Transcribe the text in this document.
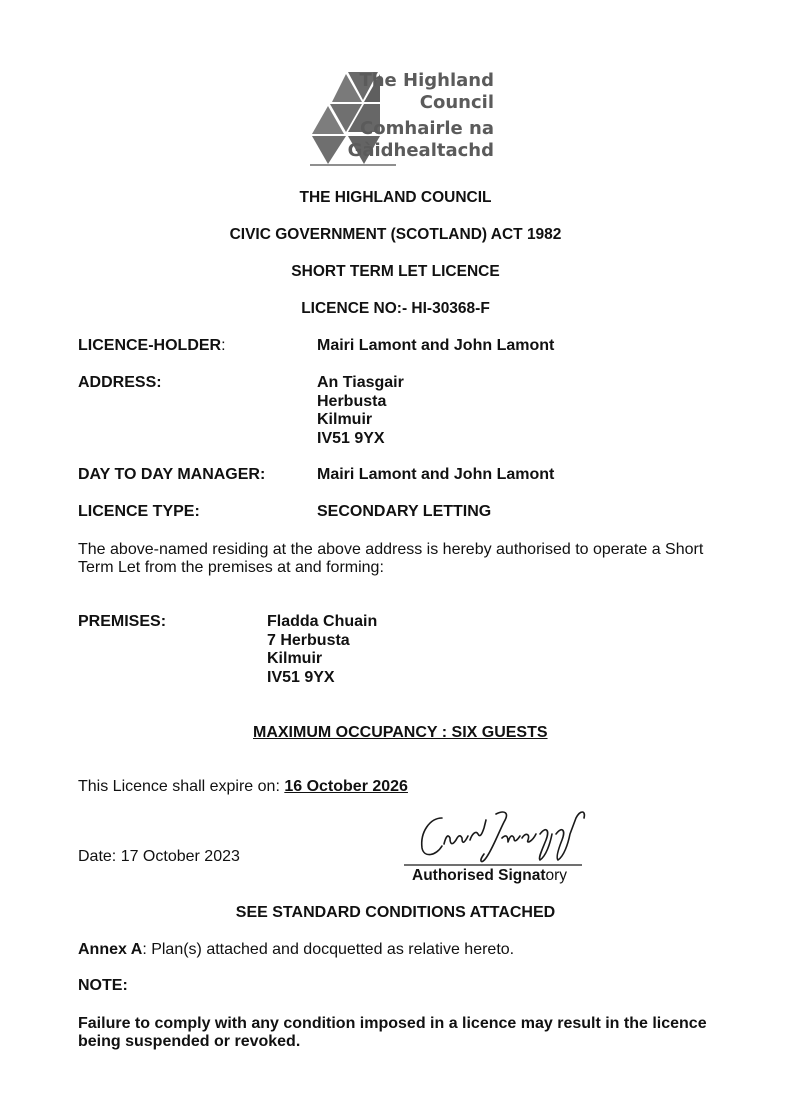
The Highland
Council
Comhairle na
Gàidhealtachd
THE HIGHLAND COUNCIL
CIVIC GOVERNMENT (SCOTLAND) ACT 1982
SHORT TERM LET LICENCE
LICENCE NO:- HI-30368-F
LICENCE-HOLDER:	Mairi Lamont and John Lamont
ADDRESS:	An Tiasgair
Herbusta
Kilmuir
IV51 9YX
DAY TO DAY MANAGER:	Mairi Lamont and John Lamont
LICENCE TYPE:	SECONDARY LETTING
The above-named residing at the above address is hereby authorised to operate a Short
Term Let from the premises at and forming:
PREMISES:	Fladda Chuain
7 Herbusta
Kilmuir
IV51 9YX
MAXIMUM OCCUPANCY : SIX GUESTS
This Licence shall expire on: 16 October 2026
Date: 17 October 2023
Authorised Signatory
SEE STANDARD CONDITIONS ATTACHED
Annex A: Plan(s) attached and docquetted as relative hereto.
NOTE:
Failure to comply with any condition imposed in a licence may result in the licence
being suspended or revoked.
